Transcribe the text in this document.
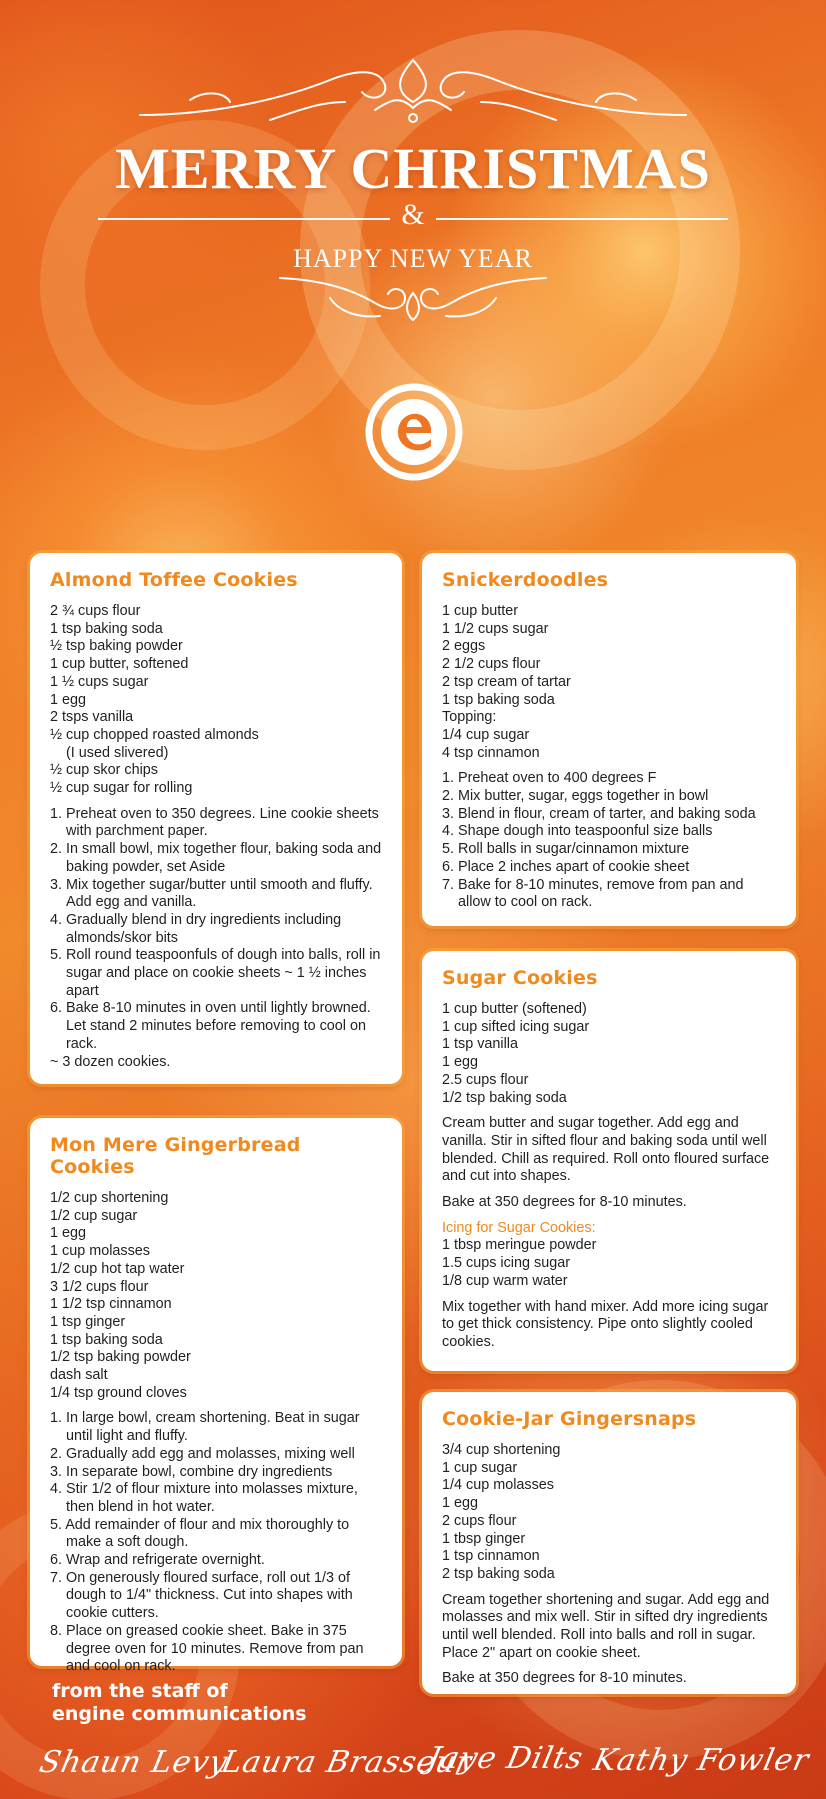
MERRY CHRISTMAS
&
HAPPY NEW YEAR
Almond Toffee Cookies
2 ¾ cups flour
1 tsp baking soda
½ tsp baking powder
1 cup butter, softened
1 ½ cups sugar
1 egg
2 tsps vanilla
½ cup chopped roasted almonds
(I used slivered)
½ cup skor chips
½ cup sugar for rolling
1. Preheat oven to 350 degrees. Line cookie sheets with parchment paper.
2. In small bowl, mix together flour, baking soda and baking powder, set Aside
3. Mix together sugar/butter until smooth and fluffy. Add egg and vanilla.
4. Gradually blend in dry ingredients including almonds/skor bits
5. Roll round teaspoonfuls of dough into balls, roll in sugar and place on cookie sheets ~ 1 ½ inches apart
6. Bake 8-10 minutes in oven until lightly browned. Let stand 2 minutes before removing to cool on rack.
~ 3 dozen cookies.
Snickerdoodles
1 cup butter
1 1/2 cups sugar
2 eggs
2 1/2 cups flour
2 tsp cream of tartar
1 tsp baking soda
Topping:
1/4 cup sugar
4 tsp cinnamon
1. Preheat oven to 400 degrees F
2. Mix butter, sugar, eggs together in bowl
3. Blend in flour, cream of tarter, and baking soda
4. Shape dough into teaspoonful size balls
5. Roll balls in sugar/cinnamon mixture
6. Place 2 inches apart of cookie sheet
7. Bake for 8-10 minutes, remove from pan and allow to cool on rack.
Sugar Cookies
1 cup butter (softened)
1 cup sifted icing sugar
1 tsp vanilla
1 egg
2.5 cups flour
1/2 tsp baking soda

Cream butter and sugar together. Add egg and vanilla. Stir in sifted flour and baking soda until well blended. Chill as required. Roll onto floured surface and cut into shapes.

Bake at 350 degrees for 8-10 minutes.

Icing for Sugar Cookies:
1 tbsp meringue powder
1.5 cups icing sugar
1/8 cup warm water

Mix together with hand mixer. Add more icing sugar to get thick consistency. Pipe onto slightly cooled cookies.

Mon Mere Gingerbread Cookies
1/2 cup shortening
1/2 cup sugar
1 egg
1 cup molasses
1/2 cup hot tap water
3 1/2 cups flour
1 1/2 tsp cinnamon
1 tsp ginger
1 tsp baking soda
1/2 tsp baking powder
dash salt
1/4 tsp ground cloves
1. In large bowl, cream shortening. Beat in sugar until light and fluffy.
2. Gradually add egg and molasses, mixing well
3. In separate bowl, combine dry ingredients
4. Stir 1/2 of flour mixture into molasses mixture, then blend in hot water.
5. Add remainder of flour and mix thoroughly to make a soft dough.
6. Wrap and refrigerate overnight.
7. On generously floured surface, roll out 1/3 of dough to 1/4" thickness. Cut into shapes with cookie cutters.
8. Place on greased cookie sheet. Bake in 375 degree oven for 10 minutes. Remove from pan and cool on rack.
Cookie-Jar Gingersnaps
3/4 cup shortening
1 cup sugar
1/4 cup molasses
1 egg
2 cups flour
1 tbsp ginger
1 tsp cinnamon
2 tsp baking soda

Cream together shortening and sugar. Add egg and molasses and mix well. Stir in sifted dry ingredients until well blended. Roll into balls and roll in sugar. Place 2" apart on cookie sheet.

Bake at 350 degrees for 8-10 minutes.

from the staff of
engine communications
Shaun Levy
Laura Brasseur
Jaye Dilts Kathy Fowler
